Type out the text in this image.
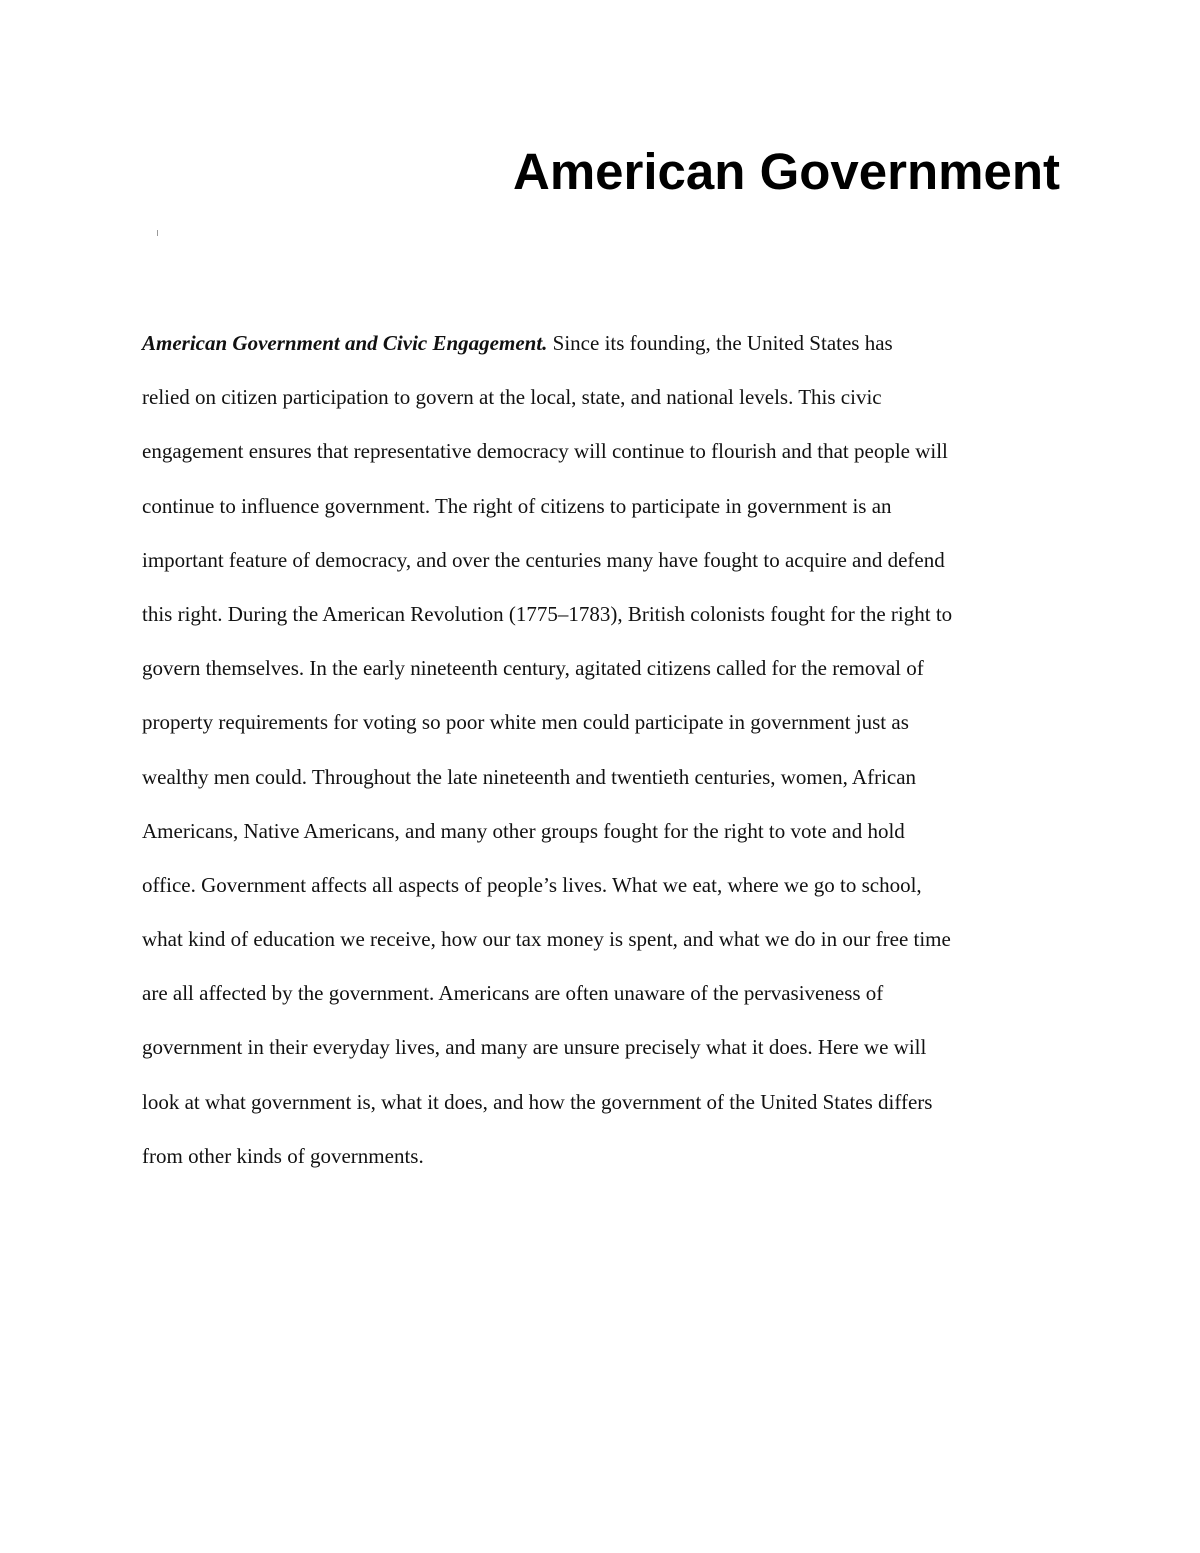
American Government
American Government and Civic Engagement. Since its founding, the United States has
relied on citizen participation to govern at the local, state, and national levels. This civic
engagement ensures that representative democracy will continue to flourish and that people will
continue to influence government. The right of citizens to participate in government is an
important feature of democracy, and over the centuries many have fought to acquire and defend
this right. During the American Revolution (1775–1783), British colonists fought for the right to
govern themselves. In the early nineteenth century, agitated citizens called for the removal of
property requirements for voting so poor white men could participate in government just as
wealthy men could. Throughout the late nineteenth and twentieth centuries, women, African
Americans, Native Americans, and many other groups fought for the right to vote and hold
office. Government affects all aspects of people’s lives. What we eat, where we go to school,
what kind of education we receive, how our tax money is spent, and what we do in our free time
are all affected by the government. Americans are often unaware of the pervasiveness of
government in their everyday lives, and many are unsure precisely what it does. Here we will
look at what government is, what it does, and how the government of the United States differs
from other kinds of governments.
